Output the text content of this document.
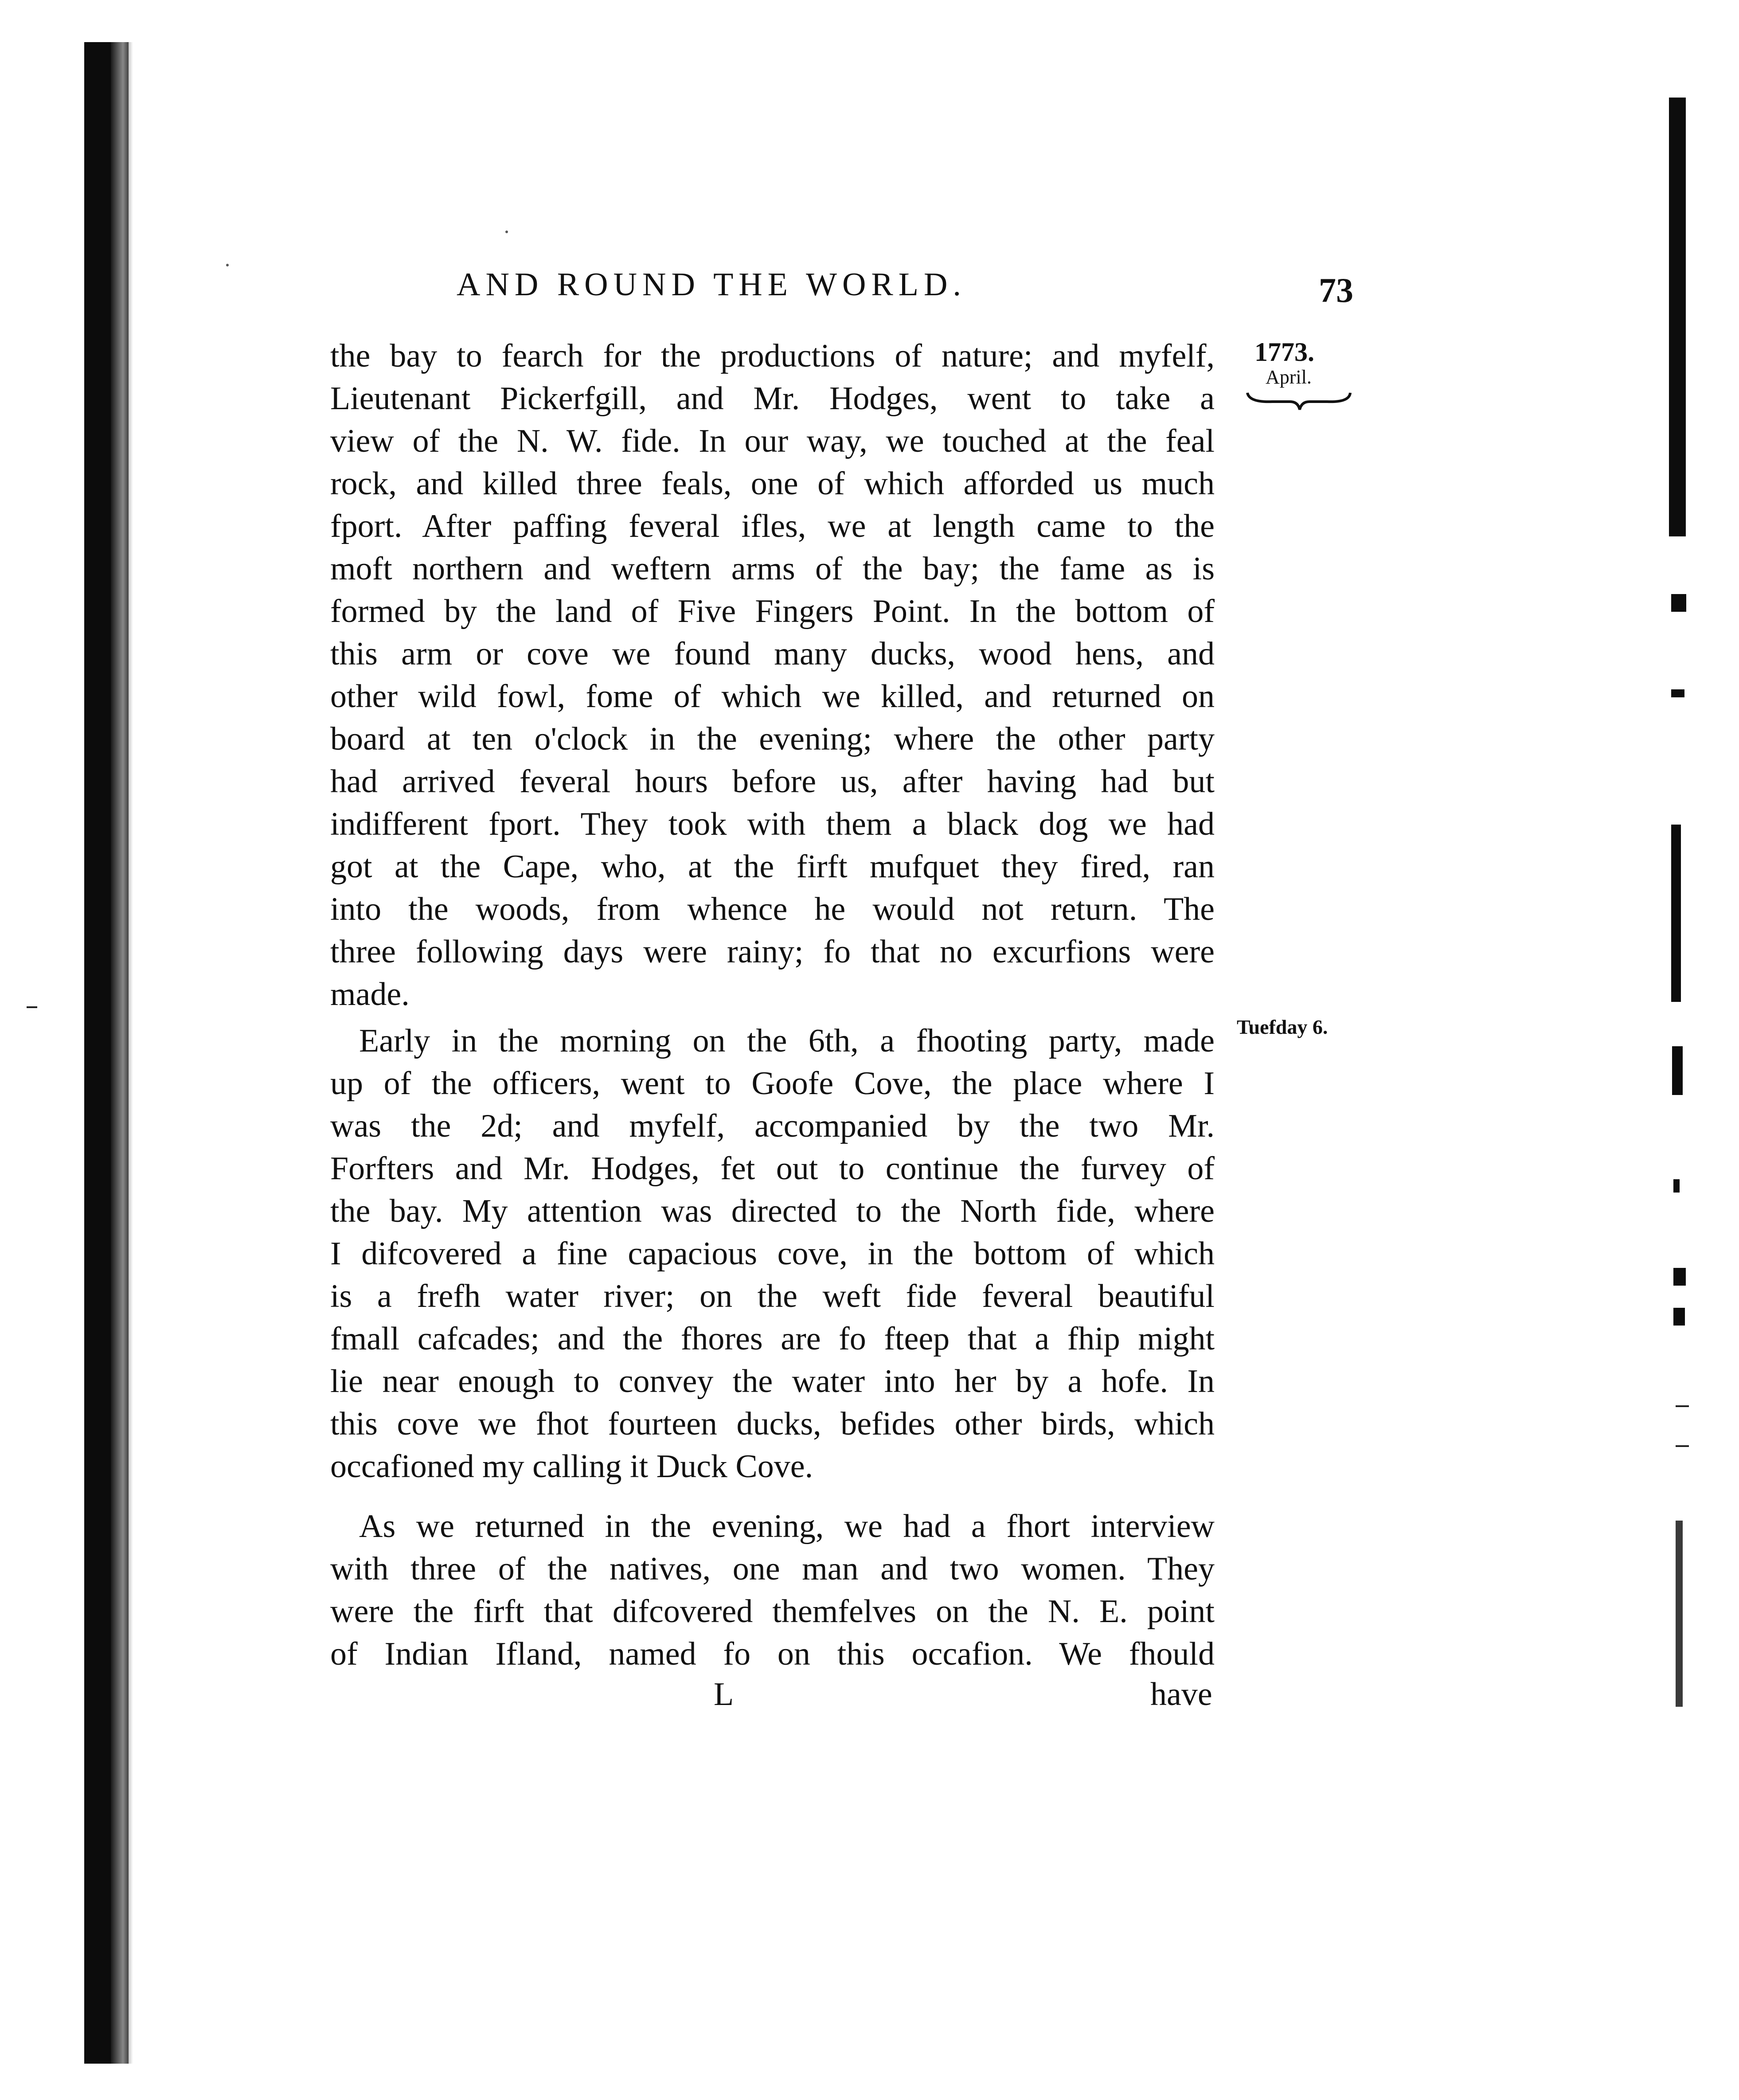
AND ROUND THE WORLD.	73
1773.
April.
Tuefday 6.
the bay to fearch for the productions of nature; and myfelf,
Lieutenant Pickerfgill, and Mr. Hodges, went to take a
view of the N. W. fide. In our way, we touched at the feal
rock, and killed three feals, one of which afforded us much
fport. After paffing feveral ifles, we at length came to the
moft northern and weftern arms of the bay; the fame as is
formed by the land of Five Fingers Point. In the bottom of
this arm or cove we found many ducks, wood hens, and
other wild fowl, fome of which we killed, and returned on
board at ten o'clock in the evening; where the other party
had arrived feveral hours before us, after having had but
indifferent fport. They took with them a black dog we had
got at the Cape, who, at the firft mufquet they fired, ran
into the woods, from whence he would not return. The
three following days were rainy; fo that no excurfions were
made.
Early in the morning on the 6th, a fhooting party, made
up of the officers, went to Goofe Cove, the place where I
was the 2d; and myfelf, accompanied by the two Mr.
Forfters and Mr. Hodges, fet out to continue the furvey of
the bay. My attention was directed to the North fide, where
I difcovered a fine capacious cove, in the bottom of which
is a frefh water river; on the weft fide feveral beautiful
fmall cafcades; and the fhores are fo fteep that a fhip might
lie near enough to convey the water into her by a hofe. In
this cove we fhot fourteen ducks, befides other birds, which
occafioned my calling it Duck Cove.
As we returned in the evening, we had a fhort interview
with three of the natives, one man and two women. They
were the firft that difcovered themfelves on the N. E. point
of Indian Ifland, named fo on this occafion. We fhould
L	have
